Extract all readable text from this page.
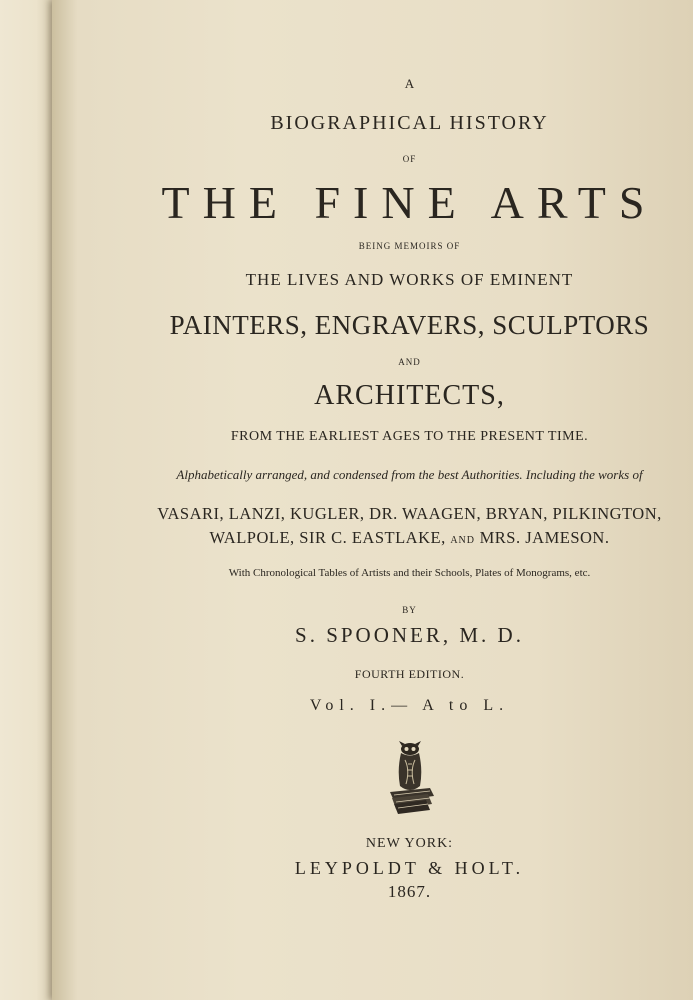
A
BIOGRAPHICAL HISTORY
OF
THE FINE ARTS
BEING MEMOIRS OF
THE LIVES AND WORKS OF EMINENT
PAINTERS, ENGRAVERS, SCULPTORS
AND
ARCHITECTS,
FROM THE EARLIEST AGES TO THE PRESENT TIME.
Alphabetically arranged, and condensed from the best Authorities. Including the works of
VASARI, LANZI, KUGLER, DR. WAAGEN, BRYAN, PILKINGTON,
WALPOLE, SIR C. EASTLAKE, AND MRS. JAMESON.
With Chronological Tables of Artists and their Schools, Plates of Monograms, etc.
BY
S. SPOONER, M. D.
FOURTH EDITION.
Vol. I.— A to L.
NEW YORK:
LEYPOLDT & HOLT.
1867.
